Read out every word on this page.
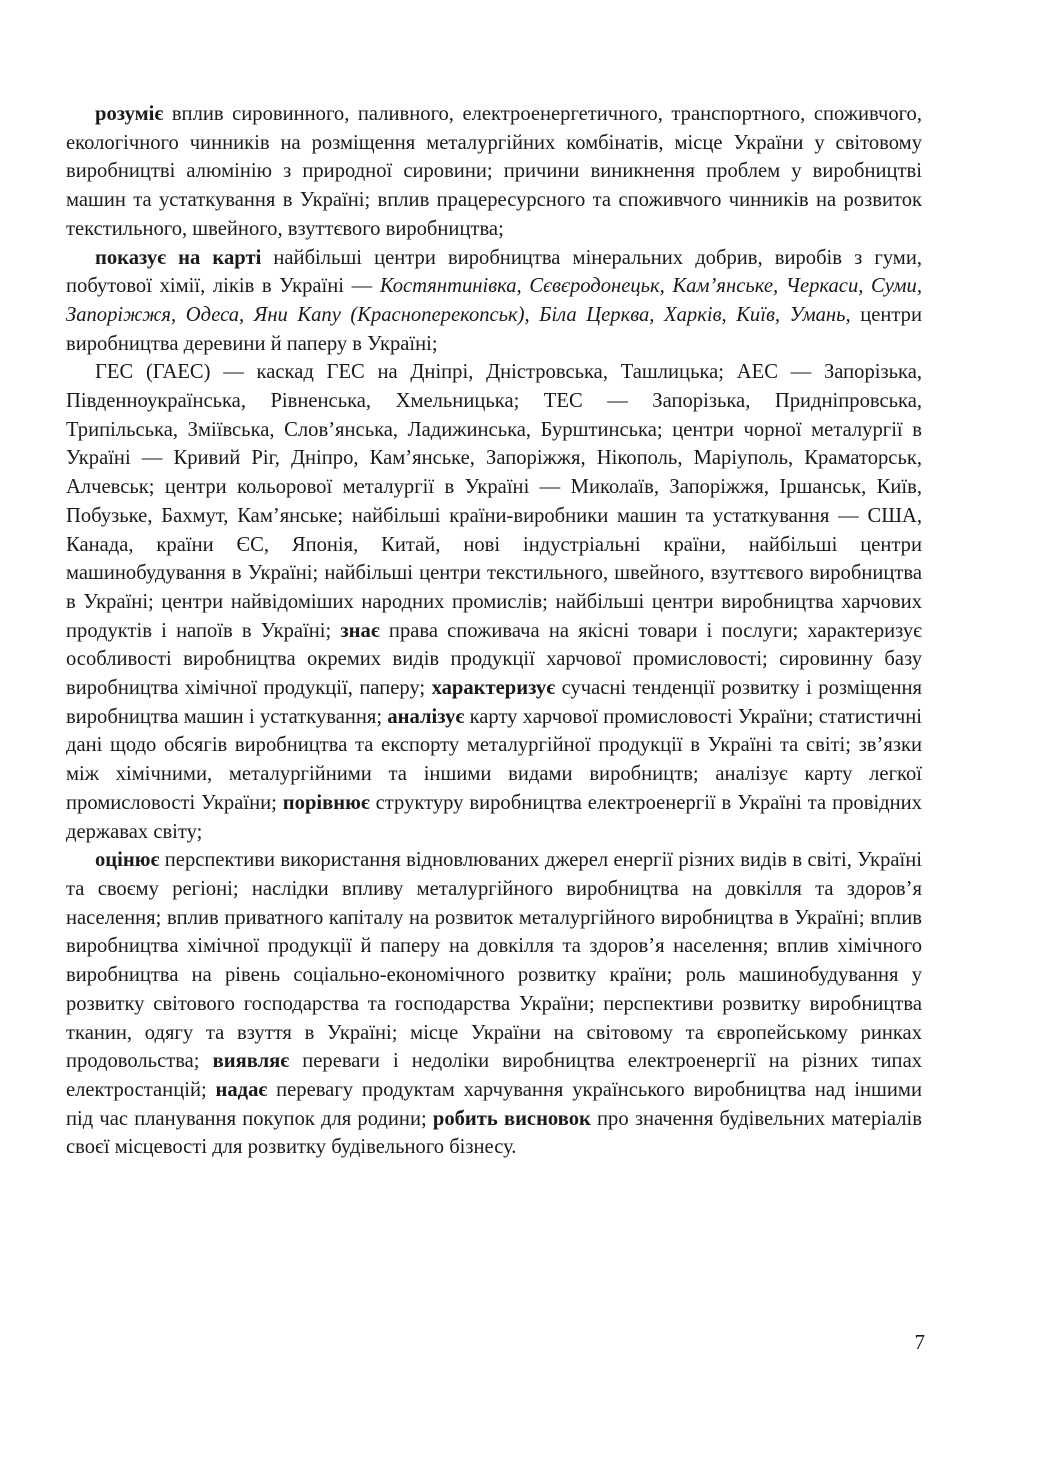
розуміє вплив сировинного, паливного, електроенергетичного, транспортного, споживчого, екологічного чинників на розміщення металургійних комбінатів, місце України у світовому виробництві алюмінію з природної сировини; причини виникнення проблем у виробництві машин та устаткування в Україні; вплив працересурсного та споживчого чинників на розвиток текстильного, швейного, взуттєвого виробництва;

показує на карті найбільші центри виробництва мінеральних добрив, виробів з гуми, побутової хімії, ліків в Україні — Костянтинівка, Сєвєродонецьк, Кам’янське, Черкаси, Суми, Запоріжжя, Одеса, Яни Капу (Красноперекопськ), Біла Церква, Харків, Київ, Умань, центри виробництва деревини й паперу в Україні;

ГЕС (ГАЕС) — каскад ГЕС на Дніпрі, Дністровська, Ташлицька; АЕС — Запорізька, Південноукраїнська, Рівненська, Хмельницька; ТЕС — Запорізька, Придніпровська, Трипільська, Зміївська, Слов’янська, Ладижинська, Бурштинська; центри чорної металургії в Україні — Кривий Ріг, Дніпро, Кам’янське, Запоріжжя, Нікополь, Маріуполь, Краматорськ, Алчевськ; центри кольорової металургії в Україні — Миколаїв, Запоріжжя, Іршанськ, Київ, Побузьке, Бахмут, Кам’янське; найбільші країни-виробники машин та устаткування — США, Канада, країни ЄС, Японія, Китай, нові індустріальні країни, найбільші центри машинобудування в Україні; найбільші центри текстильного, швейного, взуттєвого виробництва в Україні; центри найвідоміших народних промислів; найбільші центри виробництва харчових продуктів і напоїв в Україні; знає права споживача на якісні товари і послуги; характеризує особливості виробництва окремих видів продукції харчової промисловості; сировинну базу виробництва хімічної продукції, паперу; характеризує сучасні тенденції розвитку і розміщення виробництва машин і устаткування; аналізує карту харчової промисловості України; статистичні дані щодо обсягів виробництва та експорту металургійної продукції в Україні та світі; зв’язки між хімічними, металургійними та іншими видами виробництв; аналізує карту легкої промисловості України; порівнює структуру виробництва електроенергії в Україні та провідних державах світу;

оцінює перспективи використання відновлюваних джерел енергії різних видів в світі, Україні та своєму регіоні; наслідки впливу металургійного виробництва на довкілля та здоров’я населення; вплив приватного капіталу на розвиток металургійного виробництва в Україні; вплив виробництва хімічної продукції й паперу на довкілля та здоров’я населення; вплив хімічного виробництва на рівень соціально-економічного розвитку країни; роль машинобудування у розвитку світового господарства та господарства України; перспективи розвитку виробництва тканин, одягу та взуття в Україні; місце України на світовому та європейському ринках продовольства; виявляє переваги і недоліки виробництва електроенергії на різних типах електростанцій; надає перевагу продуктам харчування українського виробництва над іншими під час планування покупок для родини; робить висновок про значення будівельних матеріалів своєї місцевості для розвитку будівельного бізнесу.

7
